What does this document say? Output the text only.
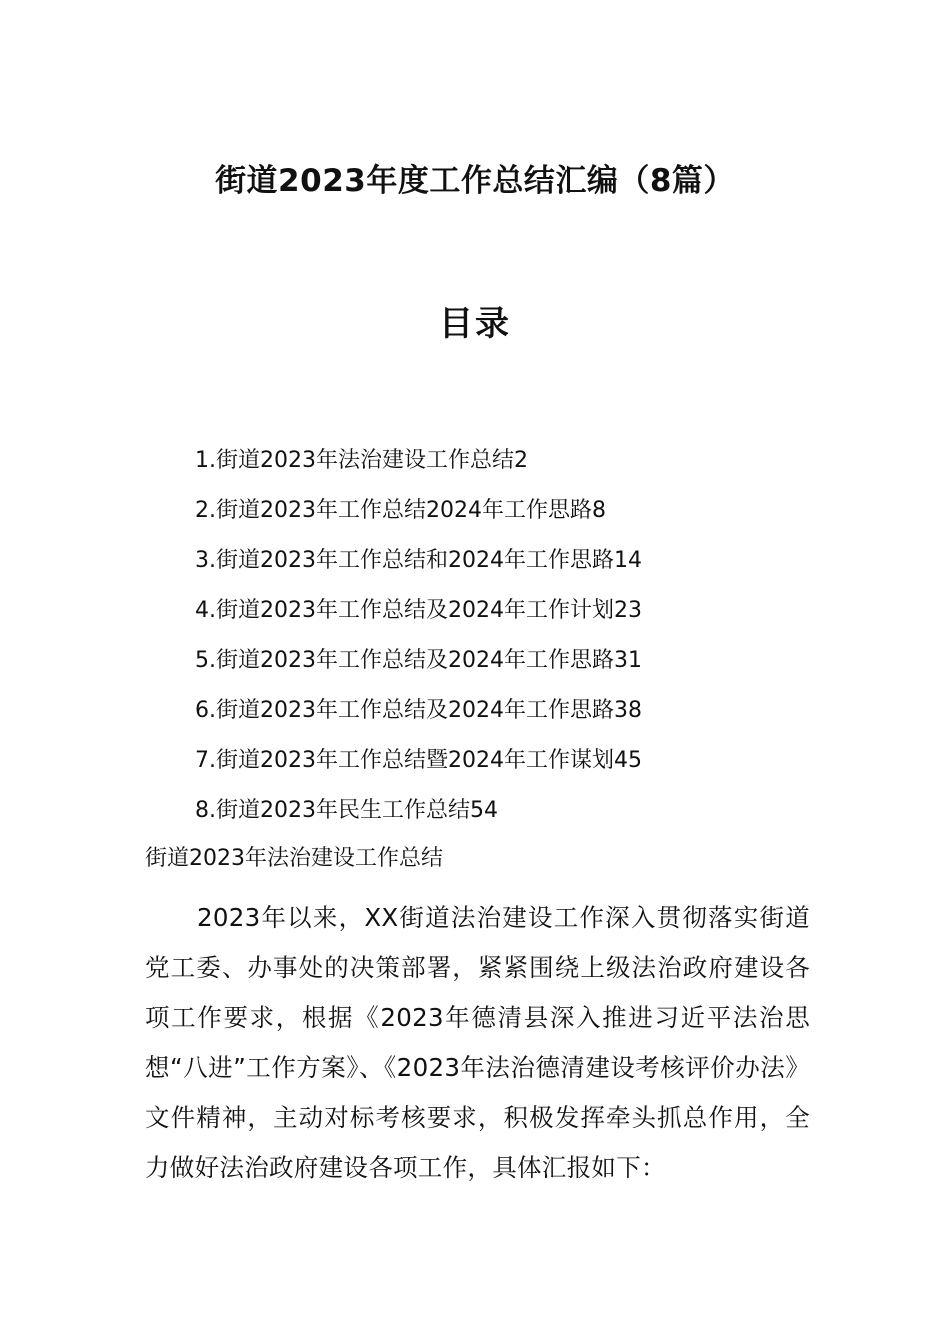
街道2023年度工作总结汇编（8篇）
目录
1.街道2023年法治建设工作总结2
2.街道2023年工作总结2024年工作思路8
3.街道2023年工作总结和2024年工作思路14
4.街道2023年工作总结及2024年工作计划23
5.街道2023年工作总结及2024年工作思路31
6.街道2023年工作总结及2024年工作思路38
7.街道2023年工作总结暨2024年工作谋划45
8.街道2023年民生工作总结54
街道2023年法治建设工作总结

2023年以来，XX街道法治建设工作深入贯彻落实街道党工委、办事处的决策部署，紧紧围绕上级法治政府建设各项工作要求，根据《2023年德清县深入推进习近平法治思想“八进”工作方案》、《2023年法治德清建设考核评价办法》文件精神，主动对标考核要求，积极发挥牵头抓总作用，全力做好法治政府建设各项工作，具体汇报如下：
